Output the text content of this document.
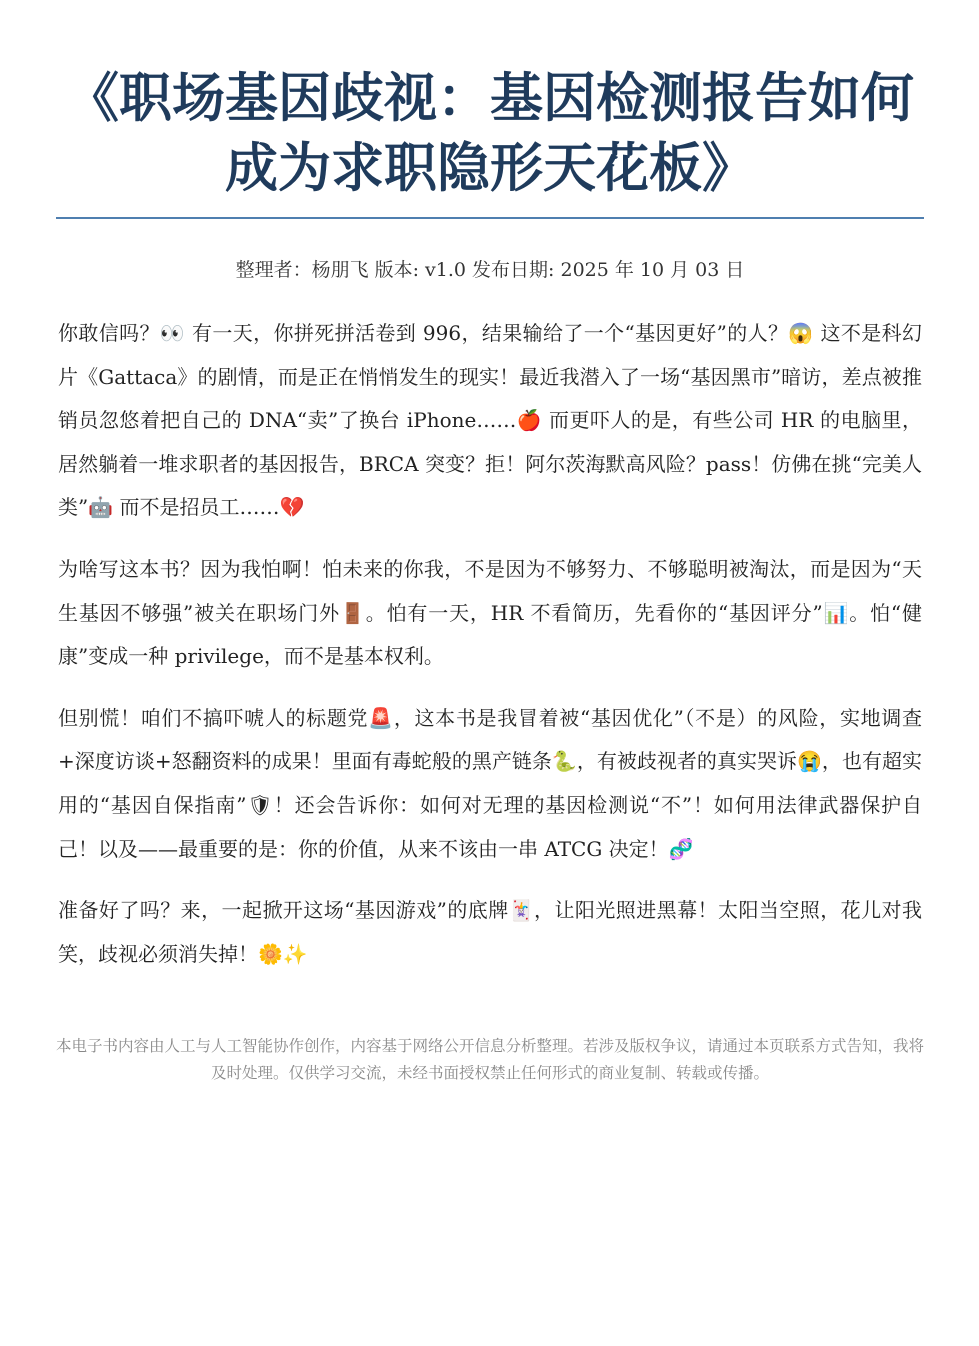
《职场基因歧视：基因检测报告如何成为求职隐形天花板》
整理者：杨朋飞 版本: v1.0 发布日期: 2025 年 10 月 03 日

你敢信吗？👀 有一天，你拼死拼活卷到 996，结果输给了一个“基因更好”的人？😱 这不是科幻片《Gattaca》的剧情，而是正在悄悄发生的现实！最近我潜入了一场“基因黑市”暗访，差点被推销员忽悠着把自己的 DNA“卖”了换台 iPhone……🍎 而更吓人的是，有些公司 HR 的电脑里，居然躺着一堆求职者的基因报告，BRCA 突变？拒！阿尔茨海默高风险？pass！仿佛在挑“完美人类”🤖 而不是招员工……💔

为啥写这本书？因为我怕啊！怕未来的你我，不是因为不够努力、不够聪明被淘汰，而是因为“天生基因不够强”被关在职场门外🚪。怕有一天，HR 不看简历，先看你的“基因评分”📊。怕“健康”变成一种 privilege，而不是基本权利。

但别慌！咱们不搞吓唬人的标题党🚨，这本书是我冒着被“基因优化”（不是）的风险，实地调查+深度访谈+怒翻资料的成果！里面有毒蛇般的黑产链条🐍，有被歧视者的真实哭诉😭，也有超实用的“基因自保指南”🛡！还会告诉你：如何对无理的基因检测说“不”！如何用法律武器保护自己！以及——最重要的是：你的价值，从来不该由一串 ATCG 决定！🧬

准备好了吗？来，一起掀开这场“基因游戏”的底牌🃏，让阳光照进黑幕！太阳当空照，花儿对我笑，歧视必须消失掉！🌼✨

本电子书内容由人工与人工智能协作创作，内容基于网络公开信息分析整理。若涉及版权争议，请通过本页联系方式告知，我将及时处理。仅供学习交流，未经书面授权禁止任何形式的商业复制、转载或传播。
